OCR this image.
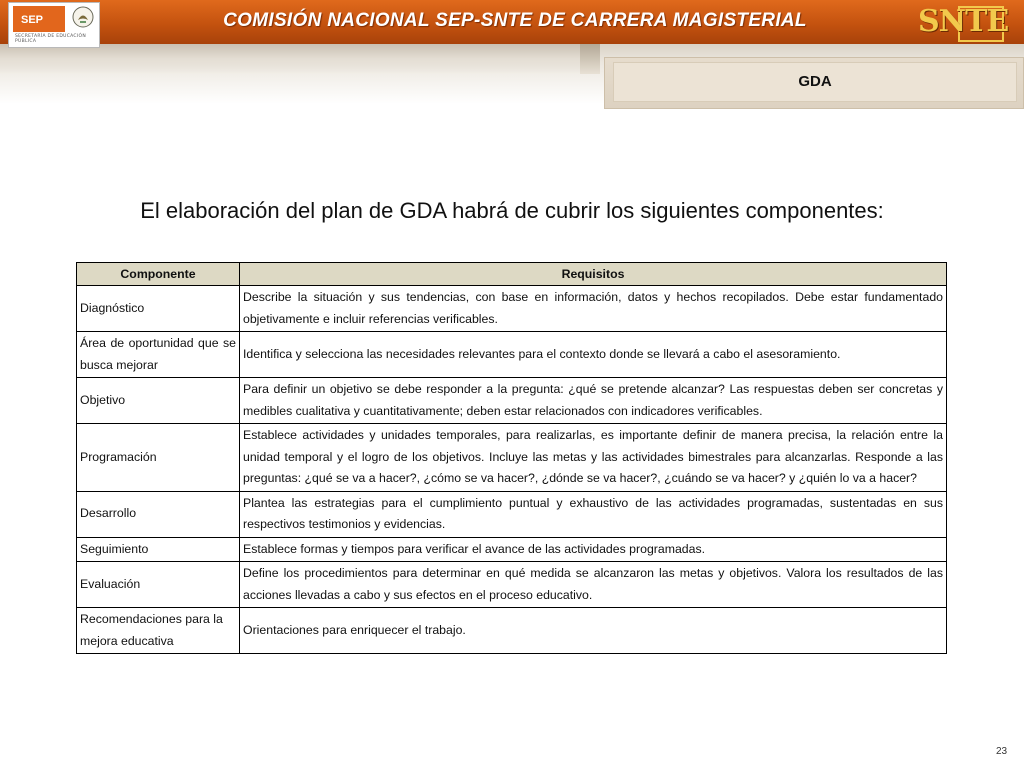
SEP
SECRETARÍA DE EDUCACIÓN PÚBLICA
COMISIÓN NACIONAL SEP-SNTE DE CARRERA MAGISTERIAL	SNTE
GDA
El elaboración del plan de GDA habrá de cubrir los siguientes componentes:
Componente	Requisitos
Diagnóstico	Describe la situación y sus tendencias, con base en información, datos y hechos recopilados. Debe estar fundamentado objetivamente e incluir referencias verificables.
Área de oportunidad que se busca mejorar	Identifica y selecciona las necesidades relevantes para el contexto donde se llevará a cabo el asesoramiento.
Objetivo	Para definir un objetivo se debe responder a la pregunta: ¿qué se pretende alcanzar? Las respuestas deben ser concretas y medibles cualitativa y cuantitativamente; deben estar relacionados con indicadores verificables.
Programación	Establece actividades y unidades temporales, para realizarlas, es importante definir de manera precisa, la relación entre la unidad temporal y el logro de los objetivos. Incluye las metas y las actividades bimestrales para alcanzarlas. Responde a las preguntas: ¿qué se va a hacer?, ¿cómo se va hacer?, ¿dónde se va hacer?, ¿cuándo se va hacer? y ¿quién lo va a hacer?
Desarrollo	Plantea las estrategias para el cumplimiento puntual y exhaustivo de las actividades programadas, sustentadas en sus respectivos testimonios y evidencias.
Seguimiento	Establece formas y tiempos para verificar el avance de las actividades programadas.
Evaluación	Define los procedimientos para determinar en qué medida se alcanzaron las metas y objetivos. Valora los resultados de las acciones llevadas a cabo y sus efectos en el proceso educativo.
Recomendaciones para la mejora educativa	Orientaciones para enriquecer el trabajo.
23
